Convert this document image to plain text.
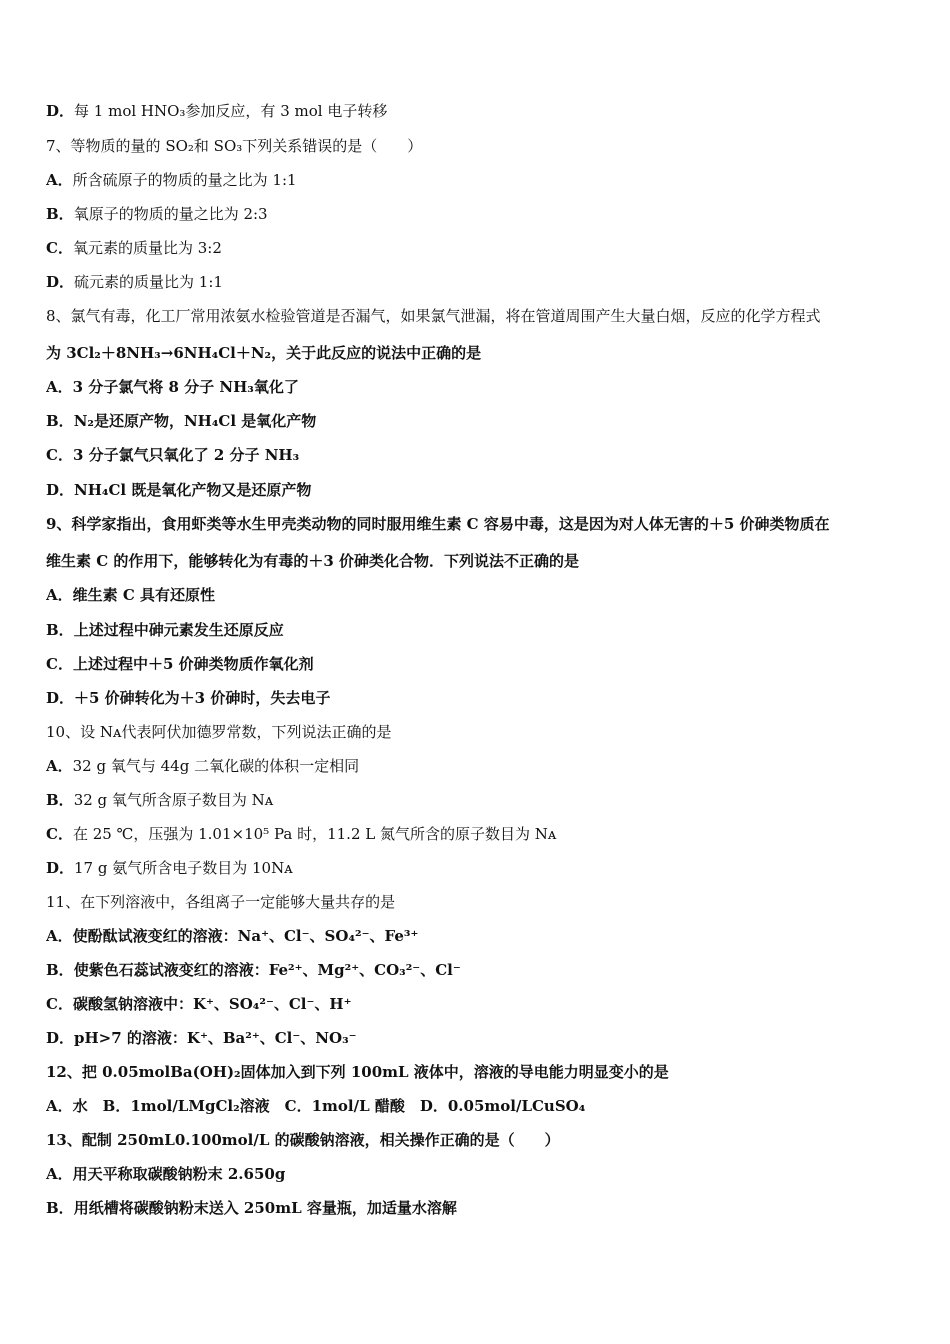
D．每 1 mol HNO₃参加反应，有 3 mol 电子转移
7、等物质的量的 SO₂和 SO₃下列关系错误的是（　　）
A．所含硫原子的物质的量之比为 1:1
B．氧原子的物质的量之比为 2:3
C．氧元素的质量比为 3:2
D．硫元素的质量比为 1:1
8、氯气有毒，化工厂常用浓氨水检验管道是否漏气，如果氯气泄漏，将在管道周围产生大量白烟，反应的化学方程式
为 3Cl₂＋8NH₃→6NH₄Cl＋N₂，关于此反应的说法中正确的是
A．3 分子氯气将 8 分子 NH₃氧化了
B．N₂是还原产物，NH₄Cl 是氧化产物
C．3 分子氯气只氧化了 2 分子 NH₃
D．NH₄Cl 既是氧化产物又是还原产物
9、科学家指出，食用虾类等水生甲壳类动物的同时服用维生素 C 容易中毒，这是因为对人体无害的＋5 价砷类物质在
维生素 C 的作用下，能够转化为有毒的＋3 价砷类化合物．下列说法不正确的是
A．维生素 C 具有还原性
B．上述过程中砷元素发生还原反应
C．上述过程中＋5 价砷类物质作氧化剂
D．＋5 价砷转化为＋3 价砷时，失去电子
10、设 Nᴀ代表阿伏加德罗常数，下列说法正确的是
A．32 g 氧气与 44g 二氧化碳的体积一定相同
B．32 g 氧气所含原子数目为 Nᴀ
C．在 25 ℃，压强为 1.01×10⁵ Pa 时，11.2 L 氮气所含的原子数目为 Nᴀ
D．17 g 氨气所含电子数目为 10Nᴀ
11、在下列溶液中，各组离子一定能够大量共存的是
A．使酚酞试液变红的溶液：Na⁺、Cl⁻、SO₄²⁻、Fe³⁺
B．使紫色石蕊试液变红的溶液：Fe²⁺、Mg²⁺、CO₃²⁻、Cl⁻
C．碳酸氢钠溶液中：K⁺、SO₄²⁻、Cl⁻、H⁺
D．pH>7 的溶液：K⁺、Ba²⁺、Cl⁻、NO₃⁻
12、把 0.05molBa(OH)₂固体加入到下列 100mL 液体中，溶液的导电能力明显变小的是
A．水　B．1mol/LMgCl₂溶液　C．1mol/L 醋酸　D．0.05mol/LCuSO₄
13、配制 250mL0.100mol/L 的碳酸钠溶液，相关操作正确的是（　　）
A．用天平称取碳酸钠粉末 2.650g
B．用纸槽将碳酸钠粉末送入 250mL 容量瓶，加适量水溶解
